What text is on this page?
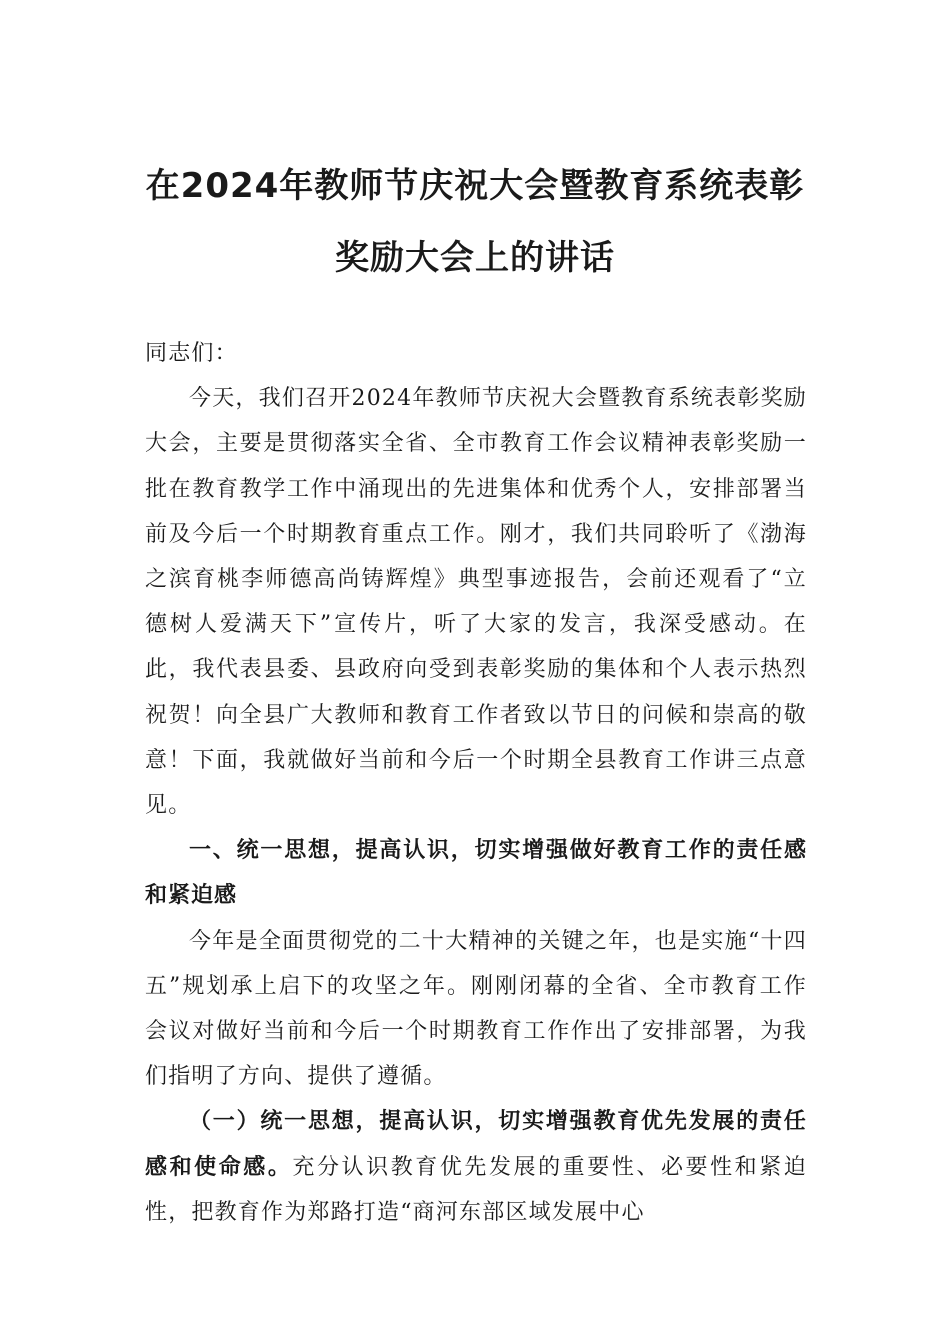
在2024年教师节庆祝大会暨教育系统表彰
奖励大会上的讲话

同志们：

今天，我们召开2024年教师节庆祝大会暨教育系统表彰奖励大会，主要是贯彻落实全省、全市教育工作会议精神表彰奖励一批在教育教学工作中涌现出的先进集体和优秀个人，安排部署当前及今后一个时期教育重点工作。刚才，我们共同聆听了《渤海之滨育桃李师德高尚铸辉煌》典型事迹报告，会前还观看了“立德树人爱满天下”宣传片，听了大家的发言，我深受感动。在此，我代表县委、县政府向受到表彰奖励的集体和个人表示热烈祝贺！向全县广大教师和教育工作者致以节日的问候和崇高的敬意！下面，我就做好当前和今后一个时期全县教育工作讲三点意见。

一、统一思想，提高认识，切实增强做好教育工作的责任感和紧迫感

今年是全面贯彻党的二十大精神的关键之年，也是实施“十四五”规划承上启下的攻坚之年。刚刚闭幕的全省、全市教育工作会议对做好当前和今后一个时期教育工作作出了安排部署，为我们指明了方向、提供了遵循。

（一）统一思想，提高认识，切实增强教育优先发展的责任感和使命感。充分认识教育优先发展的重要性、必要性和紧迫性，把教育作为郑路打造“商河东部区域发展中心
